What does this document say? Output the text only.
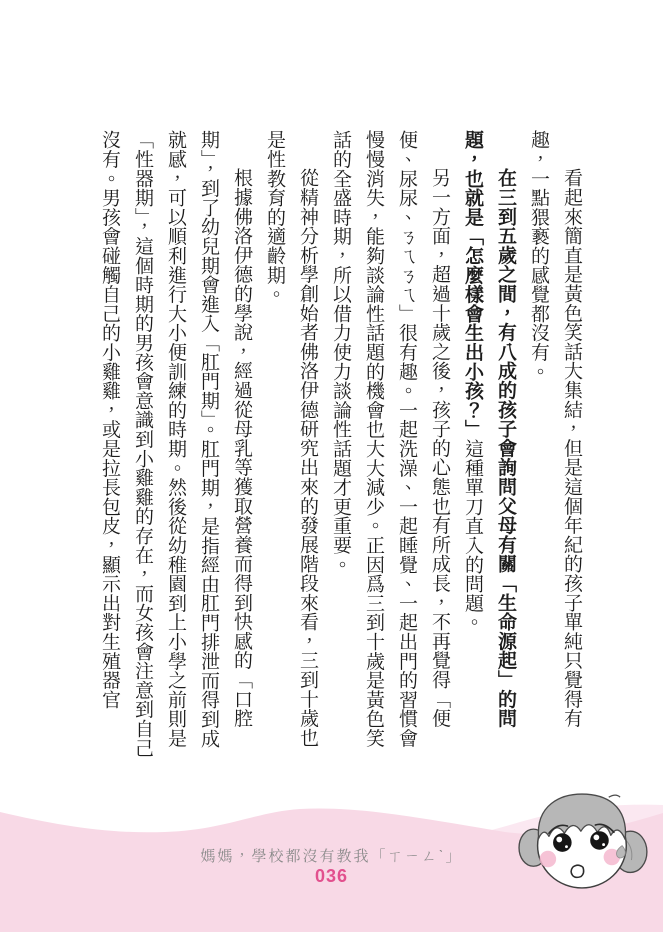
看起來簡直是黃色笑話大集結，但是這個年紀的孩子單純只覺得有趣，一點猥褻的感覺都沒有。

在三到五歲之間，有八成的孩子會詢問父母有關「生命源起」的問題，也就是「怎麼樣會生出小孩？」這種單刀直入的問題。

另一方面，超過十歲之後，孩子的心態也有所成長，不再覺得「便便、尿尿、ㄋㄟㄋㄟ」很有趣。一起洗澡、一起睡覺、一起出門的習慣會慢慢消失，能夠談論性話題的機會也大大減少。正因爲三到十歲是黃色笑話的全盛時期，所以借力使力談論性話題才更重要。

從精神分析學創始者佛洛伊德研究出來的發展階段來看，三到十歲也是性教育的適齡期。

根據佛洛伊德的學說，經過從母乳等獲取營養而得到快感的「口腔期」，到了幼兒期會進入「肛門期」。肛門期，是指經由肛門排泄而得到成就感，可以順利進行大小便訓練的時期。然後從幼稚園到上小學之前則是「性器期」，這個時期的男孩會意識到小雞雞的存在，而女孩會注意到自己沒有。男孩會碰觸自己的小雞雞，或是拉長包皮，顯示出對生殖器官

媽媽，學校都沒有教我「ㄒㄧㄥˋ」
036
